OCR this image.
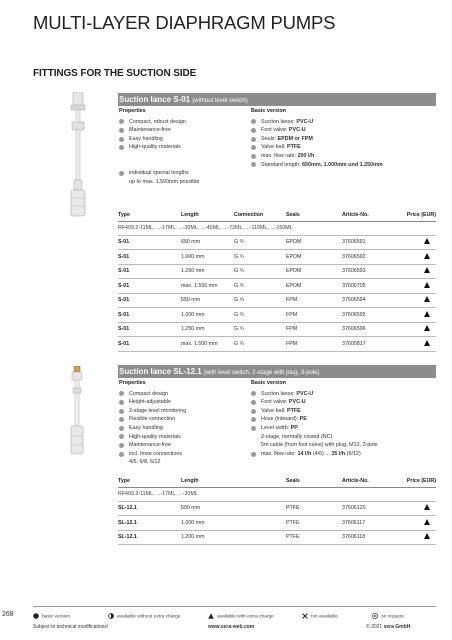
MULTI-LAYER DIAPHRAGM PUMPS
FITTINGS FOR THE SUCTION SIDE
Suction lance S-01 (without level switch)
Properties
Compact, robust design
Maintenance-free
Easy handling
High-quality materials
individual special lengths
up to max. 1.500mm possible
Basic version
Suction lance: PVC-U
Foot valve: PVC-U
Seals: EPDM or FPM
Valve ball: PTFE
max. flow rate: 200 l/h
Standard length: 650mm, 1.000mm und 1.250mm
Type	Length	Connection	Seals	Article-No.	Price (EUR)
RF409.2-11ML, ...-17ML, ...-30ML, ...-45ML, ...-72ML, ...-110ML, ...-150ML					
S-01	650 mm	G ¾	EPDM	37606591	
S-01	1.000 mm	G ¾	EPDM	37606592	
S-01	1.250 mm	G ¾	EPDM	37606593	
S-01	max. 1.500 mm	G ¾	EPDM	37600705	
S-01	650 mm	G ¾	FPM	37606594	
S-01	1.000 mm	G ¾	FPM	37606595	
S-01	1.250 mm	G ¾	FPM	37606596	
S-01	max. 1.500 mm	G ¾	FPM	37600817	
Suction lance SL-12.1 (with level switch, 2-stage with plug, 3-pole)
Properties
Compact design
Height-adjustable
2-stage level monitoring
Flexible connection
Easy handling
High-quality materials
Maintenance-free
incl. hose connections
4/6, 6/8, 6/12
Basic version
Suction lance: PVC-U
Foot valve: PVC-U
Valve ball: PTFE
Hose (inboard): PE
Level swith: PP
2-stage, normally closed (NC)
5m cable (from foot valve) with plug, M12, 3-pole
max. flow rate: 14 l/h (4/6) ... 35 l/h (6/12)
Type	Length	Seals	Article-No.	Price (EUR)
RF409.2-11ML, ...-17ML, ...-30ML				
SL-12.1	600 mm	PTFE	37606120	
SL-12.1	1.000 mm	PTFE	37606117	
SL-12.1	1.200 mm	PTFE	37606118	
268	basic version	available without extra charge	available with extra charge	not available	on request
Subject to technical modifications!	www.sera-web.com	© 2021 sera GmbH
